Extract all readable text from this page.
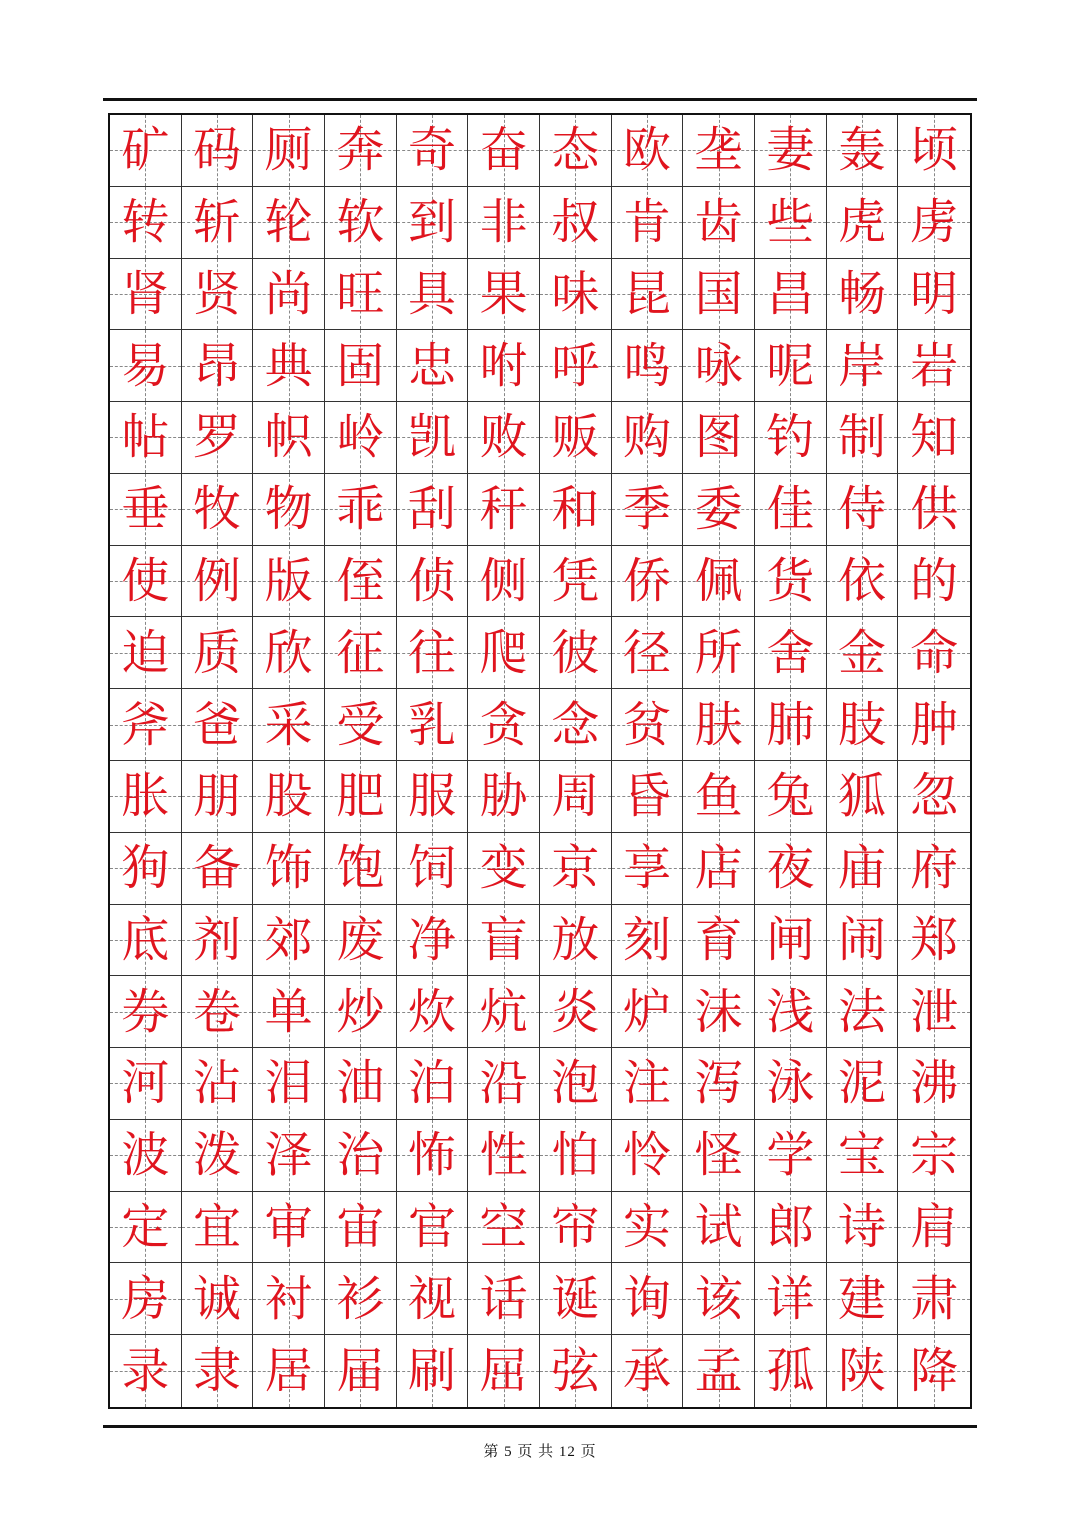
矿 码 厕 奔 奇 奋 态 欧 垄 妻 轰 顷
转 斩 轮 软 到 非 叔 肯 齿 些 虎 虏
肾 贤 尚 旺 具 果 味 昆 国 昌 畅 明
易 昂 典 固 忠 咐 呼 鸣 咏 呢 岸 岩
帖 罗 帜 岭 凯 败 贩 购 图 钓 制 知
垂 牧 物 乖 刮 秆 和 季 委 佳 侍 供
使 例 版 侄 侦 侧 凭 侨 佩 货 依 的
迫 质 欣 征 往 爬 彼 径 所 舍 金 命
斧 爸 采 受 乳 贪 念 贫 肤 肺 肢 肿
胀 朋 股 肥 服 胁 周 昏 鱼 兔 狐 忽
狗 备 饰 饱 饲 变 京 享 店 夜 庙 府
底 剂 郊 废 净 盲 放 刻 育 闸 闹 郑
券 卷 单 炒 炊 炕 炎 炉 沫 浅 法 泄
河 沾 泪 油 泊 沿 泡 注 泻 泳 泥 沸
波 泼 泽 治 怖 性 怕 怜 怪 学 宝 宗
定 宜 审 宙 官 空 帘 实 试 郎 诗 肩
房 诚 衬 衫 视 话 诞 询 该 详 建 肃
录 隶 居 届 刷 屈 弦 承 孟 孤 陕 降
第 5 页 共 12 页
